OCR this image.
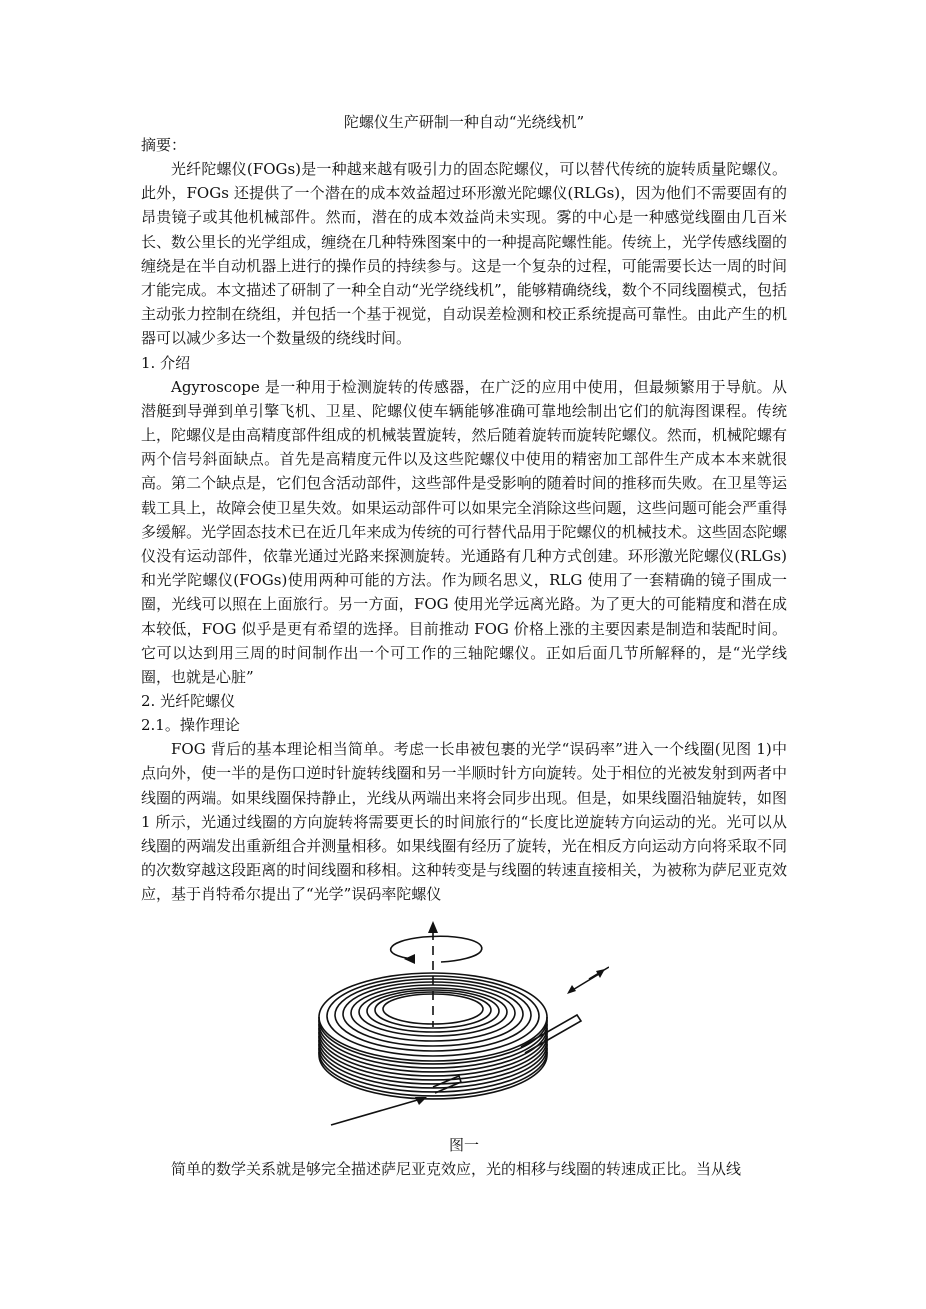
陀螺仪生产研制一种自动“光绕线机”

摘要：

光纤陀螺仪(FOGs)是一种越来越有吸引力的固态陀螺仪，可以替代传统的旋转质量陀螺仪。此外，FOGs 还提供了一个潜在的成本效益超过环形激光陀螺仪(RLGs)，因为他们不需要固有的昂贵镜子或其他机械部件。然而，潜在的成本效益尚未实现。雾的中心是一种感觉线圈由几百米长、数公里长的光学组成，缠绕在几种特殊图案中的一种提高陀螺性能。传统上，光学传感线圈的缠绕是在半自动机器上进行的操作员的持续参与。这是一个复杂的过程，可能需要长达一周的时间才能完成。本文描述了研制了一种全自动“光学绕线机”，能够精确绕线，数个不同线圈模式，包括主动张力控制在绕组，并包括一个基于视觉，自动误差检测和校正系统提高可靠性。由此产生的机器可以减少多达一个数量级的绕线时间。

1. 介绍

Agyroscope 是一种用于检测旋转的传感器，在广泛的应用中使用，但最频繁用于导航。从潜艇到导弹到单引擎飞机、卫星、陀螺仪使车辆能够准确可靠地绘制出它们的航海图课程。传统上，陀螺仪是由高精度部件组成的机械装置旋转，然后随着旋转而旋转陀螺仪。然而，机械陀螺有两个信号斜面缺点。首先是高精度元件以及这些陀螺仪中使用的精密加工部件生产成本本来就很高。第二个缺点是，它们包含活动部件，这些部件是受影响的随着时间的推移而失败。在卫星等运载工具上，故障会使卫星失效。如果运动部件可以如果完全消除这些问题，这些问题可能会严重得多缓解。光学固态技术已在近几年来成为传统的可行替代品用于陀螺仪的机械技术。这些固态陀螺仪没有运动部件，依靠光通过光路来探测旋转。光通路有几种方式创建。环形激光陀螺仪(RLGs)和光学陀螺仪(FOGs)使用两种可能的方法。作为顾名思义，RLG 使用了一套精确的镜子围成一圈，光线可以照在上面旅行。另一方面，FOG 使用光学远离光路。为了更大的可能精度和潜在成本较低，FOG 似乎是更有希望的选择。目前推动 FOG 价格上涨的主要因素是制造和装配时间。它可以达到用三周的时间制作出一个可工作的三轴陀螺仪。正如后面几节所解释的，是“光学线圈，也就是心脏”

2. 光纤陀螺仪

2.1。操作理论

FOG 背后的基本理论相当简单。考虑一长串被包裹的光学“误码率”进入一个线圈(见图 1)中点向外，使一半的是伤口逆时针旋转线圈和另一半顺时针方向旋转。处于相位的光被发射到两者中线圈的两端。如果线圈保持静止，光线从两端出来将会同步出现。但是，如果线圈沿轴旋转，如图 1 所示，光通过线圈的方向旋转将需要更长的时间旅行的“长度比逆旋转方向运动的光。光可以从线圈的两端发出重新组合并测量相移。如果线圈有经历了旋转，光在相反方向运动方向将采取不同的次数穿越这段距离的时间线圈和移相。这种转变是与线圈的转速直接相关，为被称为萨尼亚克效应，基于肖特希尔提出了“光学”误码率陀螺仪

图一

简单的数学关系就是够完全描述萨尼亚克效应，光的相移与线圈的转速成正比。当从线
